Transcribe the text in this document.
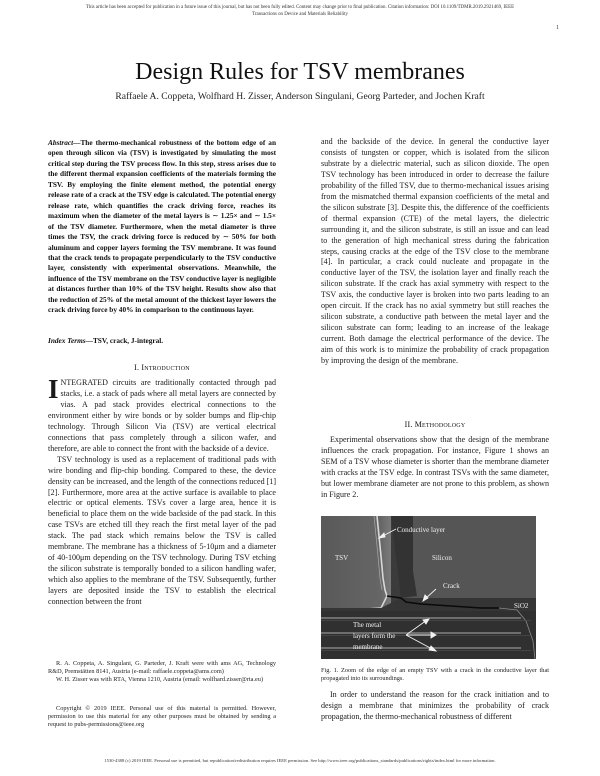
This article has been accepted for publication in a future issue of this journal, but has not been fully edited. Content may change prior to final publication. Citation information: DOI 10.1109/TDMR.2019.2921469, IEEE
Transactions on Device and Materials Reliability
1
Design Rules for TSV membranes
Raffaele A. Coppeta, Wolfhard H. Zisser, Anderson Singulani, Georg Parteder, and Jochen Kraft
Abstract—The thermo-mechanical robustness of the bottom edge of an open through silicon via (TSV) is investigated by simulating the most critical step during the TSV process flow. In this step, stress arises due to the different thermal expansion coefficients of the materials forming the TSV. By employing the finite element method, the potential energy release rate of a crack at the TSV edge is calculated. The potential energy release rate, which quantifies the crack driving force, reaches its maximum when the diameter of the metal layers is ∼ 1.25× and ∼ 1.5× of the TSV diameter. Furthermore, when the metal diameter is three times the TSV, the crack driving force is reduced by ∼ 50% for both aluminum and copper layers forming the TSV membrane. It was found that the crack tends to propagate perpendicularly to the TSV conductive layer, consistently with experimental observations. Meanwhile, the influence of the TSV membrane on the TSV conductive layer is negligible at distances further than 10% of the TSV height. Results show also that the reduction of 25% of the metal amount of the thickest layer lowers the crack driving force by 40% in comparison to the continuous layer.
Index Terms—TSV, crack, J-integral.
I. Introduction

INTEGRATED circuits are traditionally contacted through pad stacks, i.e. a stack of pads where all metal layers are connected by vias. A pad stack provides electrical connections to the environment either by wire bonds or by solder bumps and flip-chip technology. Through Silicon Via (TSV) are vertical electrical connections that pass completely through a silicon wafer, and therefore, are able to connect the front with the backside of a device.

TSV technology is used as a replacement of traditional pads with wire bonding and flip-chip bonding. Compared to these, the device density can be increased, and the length of the connections reduced [1] [2]. Furthermore, more area at the active surface is available to place electric or optical elements. TSVs cover a large area, hence it is beneficial to place them on the wide backside of the pad stack. In this case TSVs are etched till they reach the first metal layer of the pad stack. The pad stack which remains below the TSV is called membrane. The membrane has a thickness of 5-10μm and a diameter of 40-100μm depending on the TSV technology. During TSV etching the silicon substrate is temporally bonded to a silicon handling wafer, which also applies to the membrane of the TSV. Subsequently, further layers are deposited inside the TSV to establish the electrical connection between the front

R. A. Coppeta, A. Singulani, G. Parteder, J. Kraft were with ams AG, Technology R&D, Premstätten 8141, Austria (e-mail: raffaele.coppeta@ams.com)

W. H. Zisser was with RTA, Vienna 1210, Austria (email: wolfhard.zisser@rta.eu)

Copyright © 2019 IEEE. Personal use of this material is permitted. However, permission to use this material for any other purposes must be obtained by sending a request to pubs-permissions@ieee.org

and the backside of the device. In general the conductive layer consists of tungsten or copper, which is isolated from the silicon substrate by a dielectric material, such as silicon dioxide. The open TSV technology has been introduced in order to decrease the failure probability of the filled TSV, due to thermo-mechanical issues arising from the mismatched thermal expansion coefficients of the metal and the silicon substrate [3]. Despite this, the difference of the coefficients of thermal expansion (CTE) of the metal layers, the dielectric surrounding it, and the silicon substrate, is still an issue and can lead to the generation of high mechanical stress during the fabrication steps, causing cracks at the edge of the TSV close to the membrane [4]. In particular, a crack could nucleate and propagate in the conductive layer of the TSV, the isolation layer and finally reach the silicon substrate. If the crack has axial symmetry with respect to the TSV axis, the conductive layer is broken into two parts leading to an open circuit. If the crack has no axial symmetry but still reaches the silicon substrate, a conductive path between the metal layer and the silicon substrate can form; leading to an increase of the leakage current. Both damage the electrical performance of the device. The aim of this work is to minimize the probability of crack propagation by improving the design of the membrane.

II. Methodology

Experimental observations show that the design of the membrane influences the crack propagation. For instance, Figure 1 shows an SEM of a TSV whose diameter is shorter than the membrane diameter with cracks at the TSV edge. In contrast TSVs with the same diameter, but lower membrane diameter are not prone to this problem, as shown in Figure 2.

TSV	Silicon
Conductive layer
Crack
SiO2
The metal
layers form the
membrane
Fig. 1. Zoom of the edge of an empty TSV with a crack in the conductive layer that propagated into its surroundings.

In order to understand the reason for the crack initiation and to design a membrane that minimizes the probability of crack propagation, the thermo-mechanical robustness of different

1530-4388 (c) 2019 IEEE. Personal use is permitted, but republication/redistribution requires IEEE permission. See http://www.ieee.org/publications_standards/publications/rights/index.html for more information.
